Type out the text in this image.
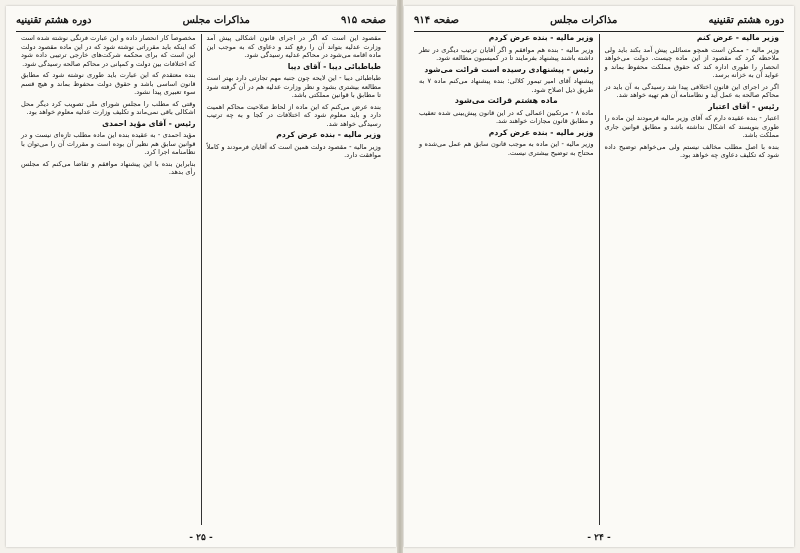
صفحه ۹۱۵
مذاکرات مجلس
دوره هشتم تقنینیه

مقصود این است که اگر در اجرای قانون اشکالی پیش آمد وزارت عدلیه بتواند آن را رفع کند و دعاوی که به موجب این ماده اقامه می‌شود در محاکم عدلیه رسیدگی شود.

طباطبائی دیبا - آقای دیبا

طباطبائی دیبا - این لایحه چون جنبه مهم تجارتی دارد بهتر است مطالعه بیشتری بشود و نظر وزارت عدلیه هم در آن گرفته شود تا مطابق با قوانین مملکتی باشد.

بنده عرض می‌کنم که این ماده از لحاظ صلاحیت محاکم اهمیت دارد و باید معلوم شود که اختلافات در کجا و به چه ترتیب رسیدگی خواهد شد.

وزیر مالیه - بنده عرض کردم

وزیر مالیه - مقصود دولت همین است که آقایان فرمودند و کاملاً موافقت دارد.

مخصوصاً کار انحصار داده و این عبارت فرنگی نوشته شده است که اینکه باید مقرراتی نوشته شود که در این ماده مقصود دولت این است که برای محکمه شرکت‌های خارجی ترتیبی داده شود که اختلافات بین دولت و کمپانی در محاکم صالحه رسیدگی شود.

بنده معتقدم که این عبارت باید طوری نوشته شود که مطابق قانون اساسی باشد و حقوق دولت محفوظ بماند و هیچ قسم سوء تعبیری پیدا نشود.

وقتی که مطلب را مجلس شورای ملی تصویب کرد دیگر محل اشکالی باقی نمی‌ماند و تکلیف وزارت عدلیه معلوم خواهد بود.

رئیس - آقای مؤید احمدی

مؤید احمدی - به عقیده بنده این ماده مطلب تازه‌ای نیست و در قوانین سابق هم نظیر آن بوده است و مقررات آن را می‌توان با نظامنامه اجرا کرد.

بنابراین بنده با این پیشنهاد موافقم و تقاضا می‌کنم که مجلس رأی بدهد.

- ۲۵ -
دوره هشتم تقنینیه
مذاکرات مجلس
صفحه ۹۱۴

وزیر مالیه - عرض کنم

وزیر مالیه - ممکن است همچو مسائلی پیش آمد بکند باید ولی ملاحظه کرد که مقصود از این ماده چیست. دولت می‌خواهد انحصار را طوری اداره کند که حقوق مملکت محفوظ بماند و عواید آن به خزانه برسد.

اگر در اجرای این قانون اختلافی پیدا شد رسیدگی به آن باید در محاکم صالحه به عمل آید و نظامنامه آن هم تهیه خواهد شد.

رئیس - آقای اعتبار

اعتبار - بنده عقیده دارم که آقای وزیر مالیه فرمودند این ماده را طوری بنویسند که اشکال نداشته باشد و مطابق قوانین جاری مملکت باشد.

بنده با اصل مطلب مخالف نیستم ولی می‌خواهم توضیح داده شود که تکلیف دعاوی چه خواهد بود.

وزیر مالیه - بنده عرض کردم

وزیر مالیه - بنده هم موافقم و اگر آقایان ترتیب دیگری در نظر داشته باشند پیشنهاد بفرمایند تا در کمیسیون مطالعه شود.

رئیس - پیشنهادی رسیده است قرائت می‌شود

پیشنهاد آقای امیر تیمور کلالی: بنده پیشنهاد می‌کنم ماده ۷ به طریق ذیل اصلاح شود.

ماده هشتم قرائت می‌شود

ماده ۸ - مرتکبین اعمالی که در این قانون پیش‌بینی شده تعقیب و مطابق قانون مجازات خواهند شد.

وزیر مالیه - بنده عرض کردم

وزیر مالیه - این ماده به موجب قانون سابق هم عمل می‌شده و محتاج به توضیح بیشتری نیست.

- ۲۴ -
